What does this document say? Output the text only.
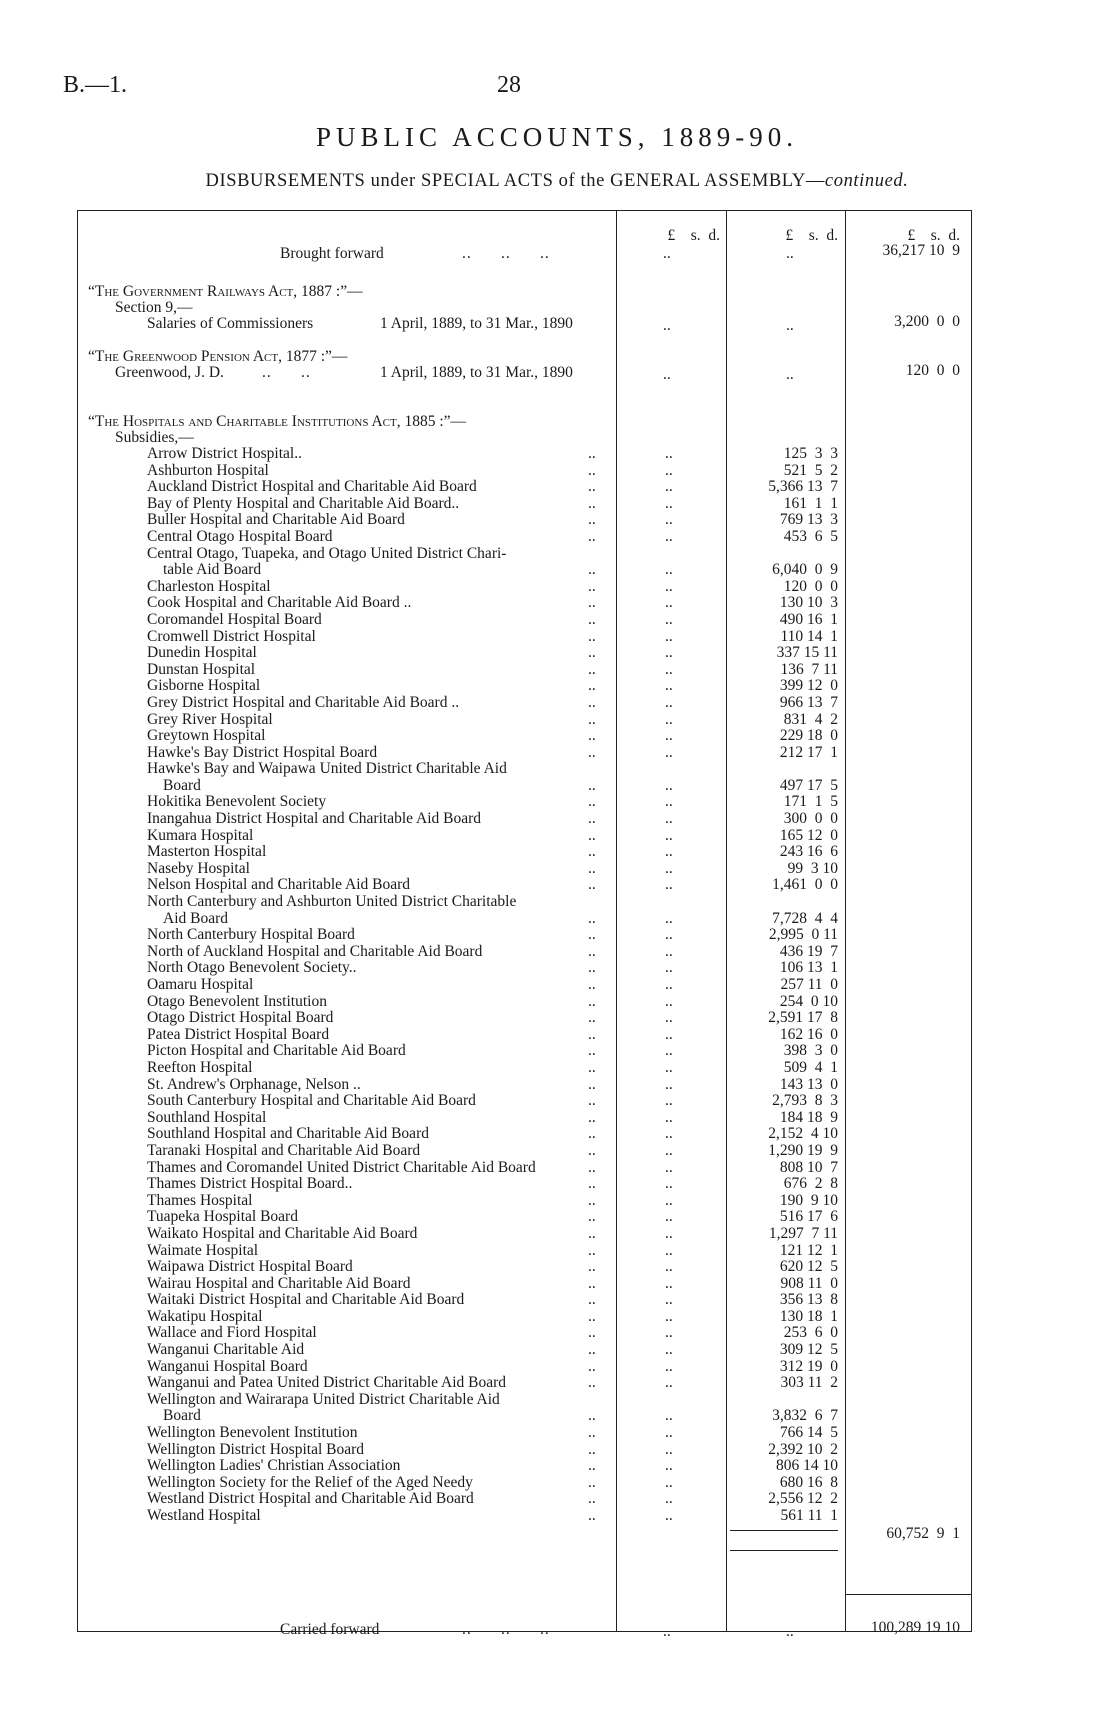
B.—1.	28
PUBLIC ACCOUNTS, 1889-90.
DISBURSEMENTS under SPECIAL ACTS of the GENERAL ASSEMBLY—continued.
£    s.  d.	£    s.  d.	£    s.  d.
Brought forward	..      ..      ..	..	..	36,217 10  9
“The Government Railways Act, 1887 :”—
Section 9,—
Salaries of Commissioners	1 April, 1889, to 31 Mar., 1890	..	..	3,200  0  0
“The Greenwood Pension Act, 1877 :”—
Greenwood, J. D. ..      ..	1 April, 1889, to 31 Mar., 1890	..	..	120  0  0
“The Hospitals and Charitable Institutions Act, 1885 :”—
Subsidies,—
Arrow District Hospital..	..	..	125  3  3
Ashburton Hospital	..	..	521  5  2
Auckland District Hospital and Charitable Aid Board	..	..	5,366 13  7
Bay of Plenty Hospital and Charitable Aid Board..	..	..	161  1  1
Buller Hospital and Charitable Aid Board	..	..	769 13  3
Central Otago Hospital Board	..	..	453  6  5
Central Otago, Tuapeka, and Otago United District Chari-
table Aid Board	..	..	6,040  0  9
Charleston Hospital	..	..	120  0  0
Cook Hospital and Charitable Aid Board ..	..	..	130 10  3
Coromandel Hospital Board	..	..	490 16  1
Cromwell District Hospital	..	..	110 14  1
Dunedin Hospital	..	..	337 15 11
Dunstan Hospital	..	..	136  7 11
Gisborne Hospital	..	..	399 12  0
Grey District Hospital and Charitable Aid Board ..	..	..	966 13  7
Grey River Hospital	..	..	831  4  2
Greytown Hospital	..	..	229 18  0
Hawke's Bay District Hospital Board	..	..	212 17  1
Hawke's Bay and Waipawa United District Charitable Aid
Board	..	..	497 17  5
Hokitika Benevolent Society	..	..	171  1  5
Inangahua District Hospital and Charitable Aid Board	..	..	300  0  0
Kumara Hospital	..	..	165 12  0
Masterton Hospital	..	..	243 16  6
Naseby Hospital	..	..	99  3 10
Nelson Hospital and Charitable Aid Board	..	..	1,461  0  0
North Canterbury and Ashburton United District Charitable
Aid Board	..	..	7,728  4  4
North Canterbury Hospital Board	..	..	2,995  0 11
North of Auckland Hospital and Charitable Aid Board	..	..	436 19  7
North Otago Benevolent Society..	..	..	106 13  1
Oamaru Hospital	..	..	257 11  0
Otago Benevolent Institution	..	..	254  0 10
Otago District Hospital Board	..	..	2,591 17  8
Patea District Hospital Board	..	..	162 16  0
Picton Hospital and Charitable Aid Board	..	..	398  3  0
Reefton Hospital	..	..	509  4  1
St. Andrew's Orphanage, Nelson ..	..	..	143 13  0
South Canterbury Hospital and Charitable Aid Board	..	..	2,793  8  3
Southland Hospital	..	..	184 18  9
Southland Hospital and Charitable Aid Board	..	..	2,152  4 10
Taranaki Hospital and Charitable Aid Board	..	..	1,290 19  9
Thames and Coromandel United District Charitable Aid Board	..	..	808 10  7
Thames District Hospital Board..	..	..	676  2  8
Thames Hospital	..	..	190  9 10
Tuapeka Hospital Board	..	..	516 17  6
Waikato Hospital and Charitable Aid Board	..	..	1,297  7 11
Waimate Hospital	..	..	121 12  1
Waipawa District Hospital Board	..	..	620 12  5
Wairau Hospital and Charitable Aid Board	..	..	908 11  0
Waitaki District Hospital and Charitable Aid Board	..	..	356 13  8
Wakatipu Hospital	..	..	130 18  1
Wallace and Fiord Hospital	..	..	253  6  0
Wanganui Charitable Aid	..	..	309 12  5
Wanganui Hospital Board	..	..	312 19  0
Wanganui and Patea United District Charitable Aid Board	..	..	303 11  2
Wellington and Wairarapa United District Charitable Aid
Board	..	..	3,832  6  7
Wellington Benevolent Institution	..	..	766 14  5
Wellington District Hospital Board	..	..	2,392 10  2
Wellington Ladies' Christian Association	..	..	806 14 10
Wellington Society for the Relief of the Aged Needy	..	..	680 16  8
Westland District Hospital and Charitable Aid Board	..	..	2,556 12  2
Westland Hospital	..	..	561 11  1
60,752  9  1
Carried forward	..      ..      ..	..	..	100,289 19 10
